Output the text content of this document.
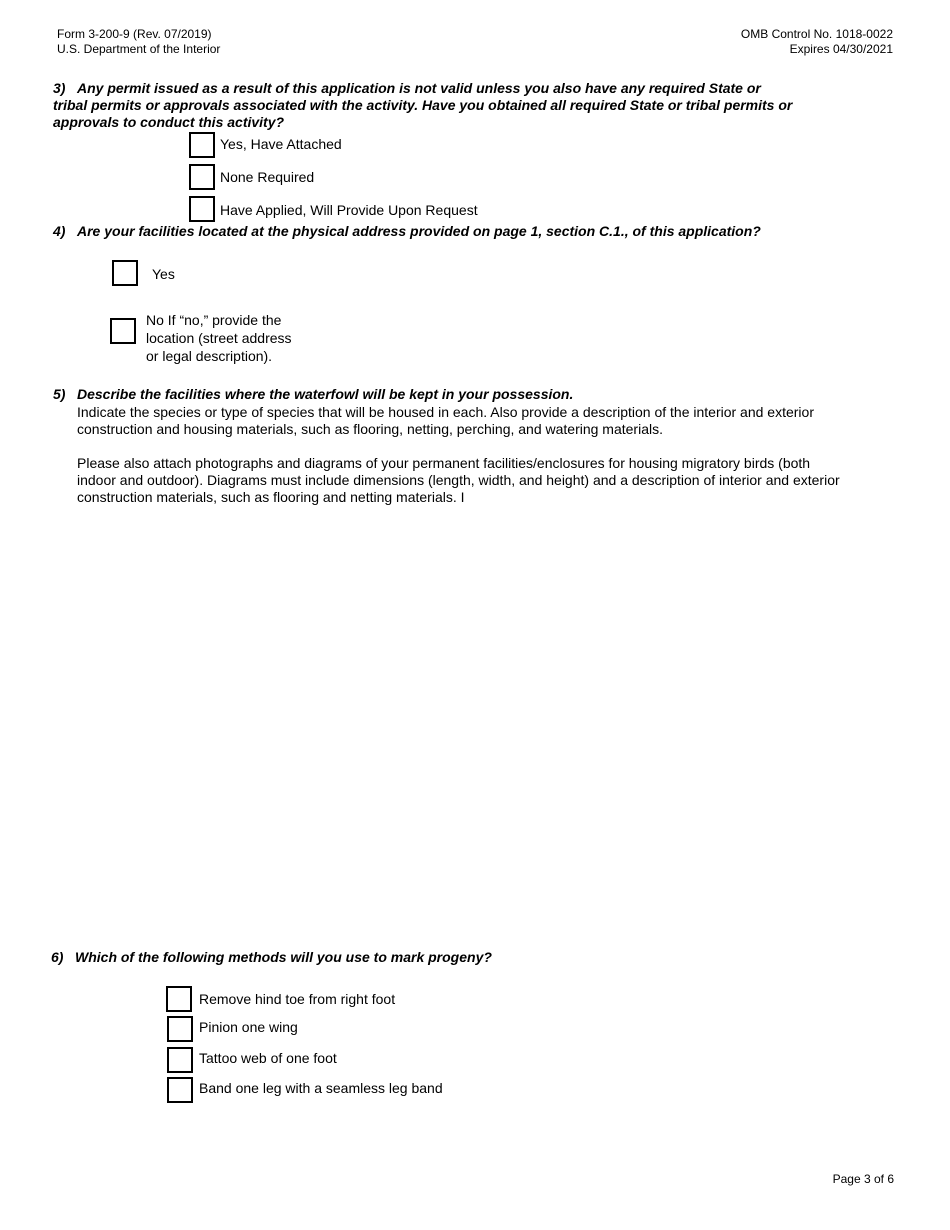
Form 3-200-9 (Rev. 07/2019)
U.S. Department of the Interior
OMB Control No. 1018-0022
Expires 04/30/2021
3) Any permit issued as a result of this application is not valid unless you also have any required State or
tribal permits or approvals associated with the activity. Have you obtained all required State or tribal permits or
approvals to conduct this activity?
Yes, Have Attached
None Required
Have Applied, Will Provide Upon Request
4) Are your facilities located at the physical address provided on page 1, section C.1., of this application?
Yes
No If “no,” provide the
location (street address
or legal description).
5) Describe the facilities where the waterfowl will be kept in your possession.
Indicate the species or type of species that will be housed in each. Also provide a description of the interior and exterior
construction and housing materials, such as flooring, netting, perching, and watering materials.
Please also attach photographs and diagrams of your permanent facilities/enclosures for housing migratory birds (both
indoor and outdoor). Diagrams must include dimensions (length, width, and height) and a description of interior and exterior
construction materials, such as flooring and netting materials. I
6) Which of the following methods will you use to mark progeny?
Remove hind toe from right foot
Pinion one wing
Tattoo web of one foot
Band one leg with a seamless leg band
Page 3 of 6
